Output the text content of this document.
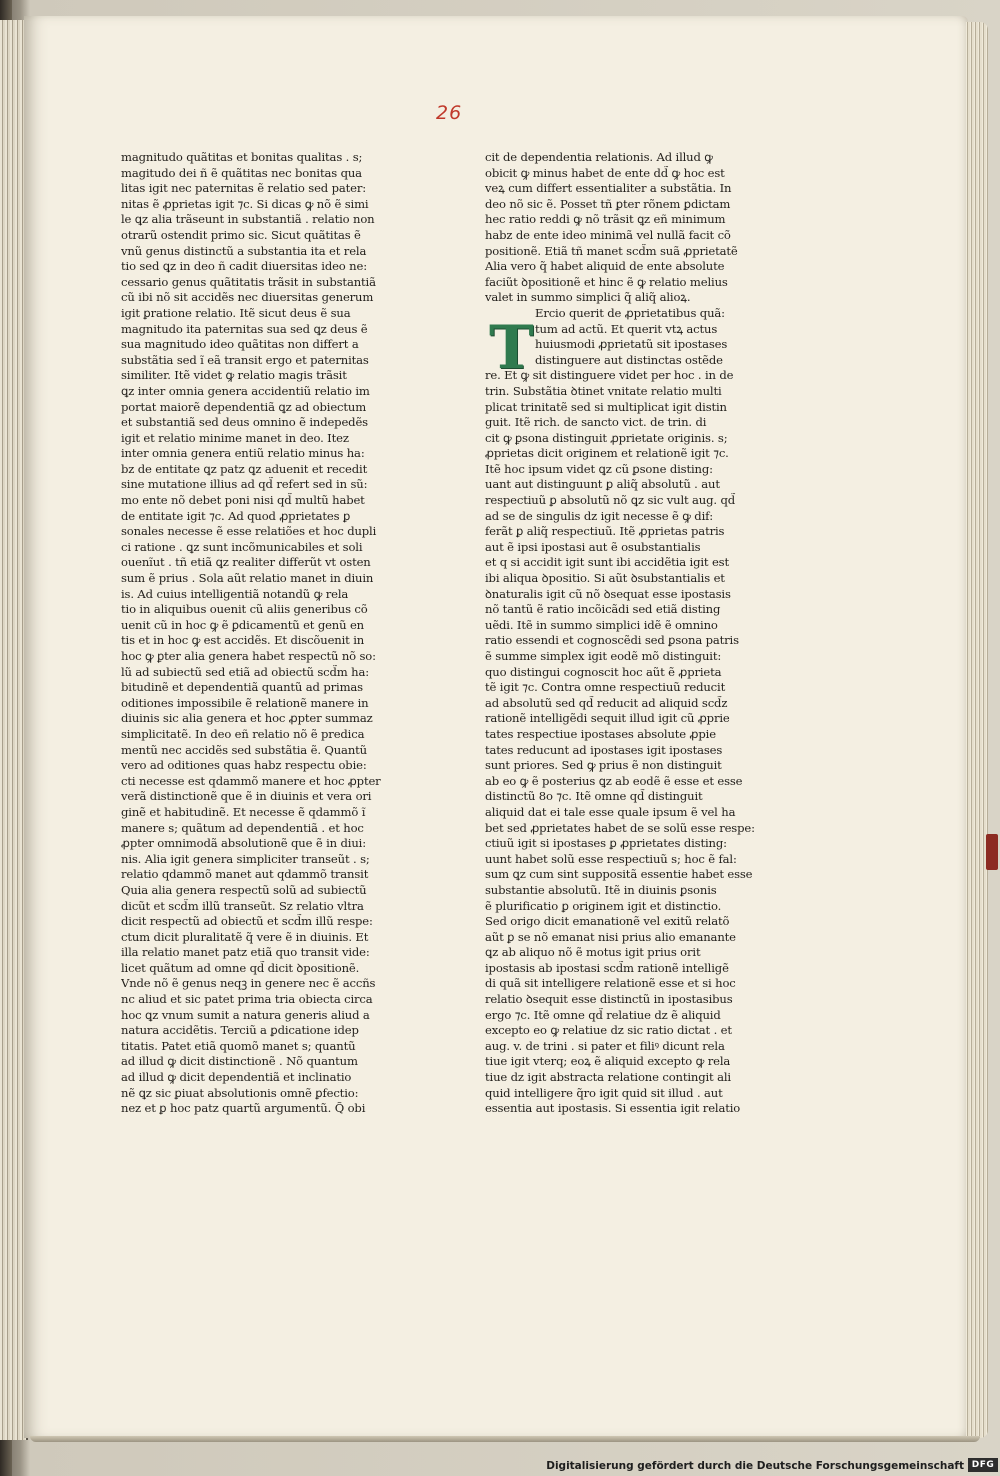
26
magnitudo quãtitas et bonitas qualitas . s;
magitudo dei ñ ẽ quãtitas nec bonitas qua
litas igit nec paternitas ẽ relatio sed pater:
nitas ẽ ꝓprietas igit ⁊c. Si dicas ꝙ nõ ẽ simi
le ꝗz alia trãseunt in substantiã . relatio non
otrarũ ostendit primo sic. Sicut quãtitas ẽ
vnũ genus distinctũ a substantia ita et rela
tio sed ꝗz in deo ñ cadit diuersitas ideo ne:
cessario genus quãtitatis trãsit in substantiã
cũ ibi nõ sit accidẽs nec diuersitas generum
igit ꝑratione relatio. Itẽ sicut deus ẽ sua
magnitudo ita paternitas sua sed ꝗz deus ẽ
sua magnitudo ideo quãtitas non differt a
substãtia sed ĩ eã transit ergo et paternitas
similiter. Itẽ videt ꝙ relatio magis trãsit
ꝗz inter omnia genera accidentiũ relatio im
portat maiorẽ dependentiã ꝗz ad obiectum
et substantiã sed deus omnino ẽ indepedẽs
igit et relatio minime manet in deo. Itez
inter omnia genera entiũ relatio minus ha:
bz de entitate ꝗz patz ꝗz aduenit et recedit
sine mutatione illius ad qd̃ refert sed in sũ:
mo ente nõ debet poni nisi qd̃ multũ habet
de entitate igit ⁊c. Ad quod ꝓprietates ꝑ
sonales necesse ẽ esse relatiões et hoc dupli
ci ratione . ꝗz sunt incõmunicabiles et soli
ouenĩut . tñ etiã ꝗz realiter differũt vt osten
sum ẽ prius . Sola aũt relatio manet in diuin
is. Ad cuius intelligentiã notandũ ꝙ rela
tio in aliquibus ouenit cũ aliis generibus cõ
uenit cũ in hoc ꝙ ẽ ꝑdicamentũ et genũ en
tis et in hoc ꝙ est accidẽs. Et discõuenit in
hoc ꝙ ꝑter alia genera habet respectũ nõ so:
lũ ad subiectũ sed etiã ad obiectũ scd̃m ha:
bitudinẽ et dependentiã quantũ ad primas
oditiones impossibile ẽ relationẽ manere in
diuinis sic alia genera et hoc ꝓpter summaz
simplicitatẽ. In deo eñ relatio nõ ẽ predica
mentũ nec accidẽs sed substãtia ẽ. Quantũ
vero ad oditiones quas habz respectu obie:
cti necesse est qdammõ manere et hoc ꝓpter
verã distinctionẽ que ẽ in diuinis et vera ori
ginẽ et habitudinẽ. Et necesse ẽ qdammõ ĩ
manere s; quãtum ad dependentiã . et hoc
ꝓpter omnimodã absolutionẽ que ẽ in diui:
nis. Alia igit genera simpliciter transeũt . s;
relatio qdammõ manet aut qdammõ transit
Quia alia genera respectũ solũ ad subiectũ
dicũt et scd̃m illũ transeũt. Sz relatio vltra
dicit respectũ ad obiectũ et scd̃m illũ respe:
ctum dicit pluralitatẽ q̃ vere ẽ in diuinis. Et
illa relatio manet patz etiã quo transit vide:
licet quãtum ad omne qd̃ dicit ꝺpositionẽ.
Vnde nõ ẽ genus neqꝫ in genere nec ẽ accñs
nc aliud et sic patet prima tria obiecta circa
hoc ꝗz vnum sumit a natura generis aliud a
natura accidẽtis. Terciũ a ꝑdicatione idep
titatis. Patet etiã quomõ manet s; quantũ
ad illud ꝙ dicit distinctionẽ . Nõ quantum
ad illud ꝙ dicit dependentiã et inclinatio
nẽ ꝗz sic ꝑiuat absolutionis omnẽ ꝑfectio:
nez et ꝑ hoc patz quartũ argumentũ. Q̃ obi
T
cit de dependentia relationis. Ad illud ꝙ
obicit ꝙ minus habet de ente dd̃ ꝙ hoc est
veꝝ cum differt essentialiter a substãtia. In
deo nõ sic ẽ. Posset tñ ꝑter rõnem ꝑdictam
hec ratio reddi ꝙ nõ trãsit ꝗz eñ minimum
habz de ente ideo minimã vel nullã facit cõ
positionẽ. Etiã tñ manet scd̃m suã ꝓprietatẽ
Alia vero q̃ habet aliquid de ente absolute
faciũt ꝺpositionẽ et hinc ẽ ꝙ relatio melius
valet in summo simplici q̃ aliq̃ alioꝝ.
Ercio querit de ꝓprietatibus quã:
tum ad actũ. Et querit vtꝝ actus
huiusmodi ꝓprietatũ sit ipostases
distinguere aut distinctas ostẽde
re. Et ꝙ sit distinguere videt per hoc . in de
trin. Substãtia ꝺtinet vnitate relatio multi
plicat trinitatẽ sed si multiplicat igit distin
guit. Itẽ rich. de sancto vict. de trin. di
cit ꝙ ꝑsona distinguit ꝓprietate originis. s;
ꝓprietas dicit originem et relationẽ igit ⁊c.
Itẽ hoc ipsum videt ꝗz cũ ꝑsone disting:
uant aut distinguunt ꝑ aliq̃ absolutũ . aut
respectiuũ ꝑ absolutũ nõ ꝗz sic vult aug. qd̃
ad se de singulis dz igit necesse ẽ ꝙ dif:
ferãt ꝑ aliq̃ respectiuũ. Itẽ ꝓprietas patris
aut ẽ ipsi ipostasi aut ẽ osubstantialis
et q si accidit igit sunt ibi accidẽtia igit est
ibi aliqua ꝺpositio. Si aũt ꝺsubstantialis et
ꝺnaturalis igit cũ nõ ꝺsequat esse ipostasis
nõ tantũ ẽ ratio incõicãdi sed etiã disting
uẽdi. Itẽ in summo simplici idẽ ẽ omnino
ratio essendi et cognoscẽdi sed ꝑsona patris
ẽ summe simplex igit eodẽ mõ distinguit:
quo distingui cognoscit hoc aũt ẽ ꝓprieta
tẽ igit ⁊c. Contra omne respectiuũ reducit
ad absolutũ sed qd̃ reducit ad aliquid scd̃z
rationẽ intelligẽdi sequit illud igit cũ ꝓprie
tates respectiue ipostases absolute ꝓpie
tates reducunt ad ipostases igit ipostases
sunt priores. Sed ꝙ prius ẽ non distinguit
ab eo ꝙ ẽ posterius ꝗz ab eodẽ ẽ esse et esse
distinctũ 8o ⁊c. Itẽ omne qd̃ distinguit
aliquid dat ei tale esse quale ipsum ẽ vel ha
bet sed ꝓprietates habet de se solũ esse respe:
ctiuũ igit si ipostases ꝑ ꝓprietates disting:
uunt habet solũ esse respectiuũ s; hoc ẽ fal:
sum ꝗz cum sint suppositã essentie habet esse
substantie absolutũ. Itẽ in diuinis ꝑsonis
ẽ plurificatio ꝑ originem igit et distinctio.
Sed origo dicit emanationẽ vel exitũ relatõ
aũt ꝑ se nõ emanat nisi prius alio emanante
ꝗz ab aliquo nõ ẽ motus igit prius orit
ipostasis ab ipostasi scd̃m rationẽ intelligẽ
di quã sit intelligere relationẽ esse et si hoc
relatio ꝺsequit esse distinctũ in ipostasibus
ergo ⁊c. Itẽ omne qd̃ relatiue dz ẽ aliquid
excepto eo ꝙ relatiue dz sic ratio dictat . et
aug. v. de trini . si pater et filiꝰ dicunt rela
tiue igit vterq; eoꝝ ẽ aliquid excepto ꝙ rela
tiue dz igit abstracta relatione contingit ali
quid intelligere q̃ro igit quid sit illud . aut
essentia aut ipostasis. Si essentia igit relatio
Digitalisierung gefördert durch die Deutsche Forschungsgemeinschaft DFG
